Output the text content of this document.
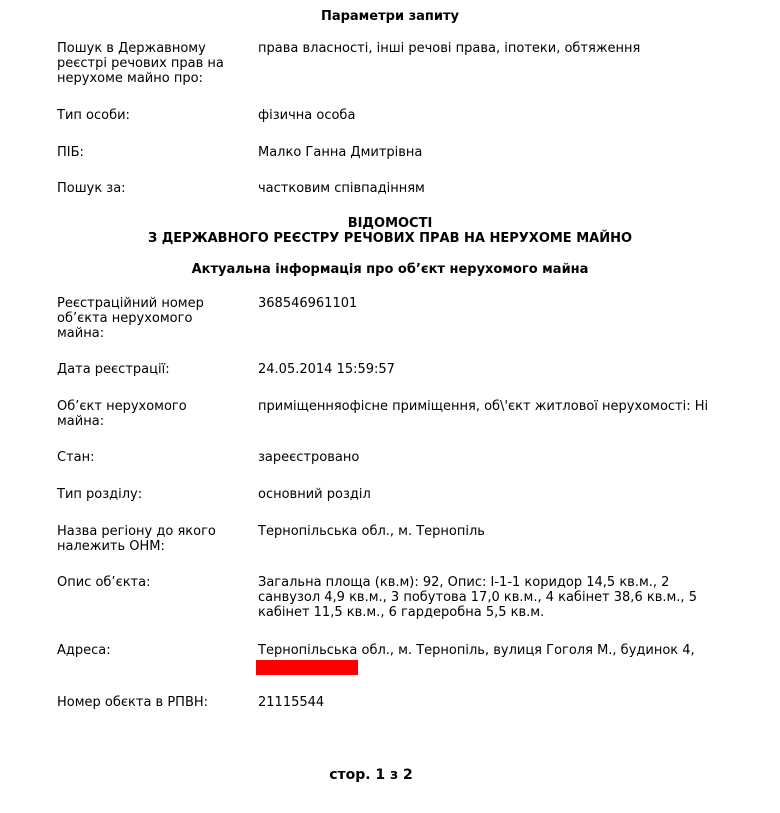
Параметри запиту
Пошук в Державному реєстрі речових прав на нерухоме майно про:
права власності, інші речові права, іпотеки, обтяження
Тип особи:	фізична особа
ПІБ:	Малко Ганна Дмитрівна
Пошук за:	частковим співпадінням
ВІДОМОСТІ
З ДЕРЖАВНОГО РЕЄСТРУ РЕЧОВИХ ПРАВ НА НЕРУХОМЕ МАЙНО
Актуальна інформація про об’єкт нерухомого майна
Реєстраційний номер об’єкта нерухомого майна:
368546961101
Дата реєстрації:	24.05.2014 15:59:57
Об’єкт нерухомого майна:
приміщенняофісне приміщення, об\'єкт житлової нерухомості: Ні
Стан:	зареєстровано
Тип розділу:	основний розділ
Назва регіону до якого належить ОНМ:
Тернопільська обл., м. Тернопіль
Опис об’єкта:	Загальна площа (кв.м): 92, Опис: І-1-1 коридор 14,5 кв.м., 2 санвузол 4,9 кв.м., 3 побутова 17,0 кв.м., 4 кабінет 38,6 кв.м., 5 кабінет 11,5 кв.м., 6 гардеробна 5,5 кв.м.
Адреса:	Тернопільська обл., м. Тернопіль, вулиця Гоголя М., будинок 4,
Номер обєкта в РПВН:	21115544
стор. 1 з 2
